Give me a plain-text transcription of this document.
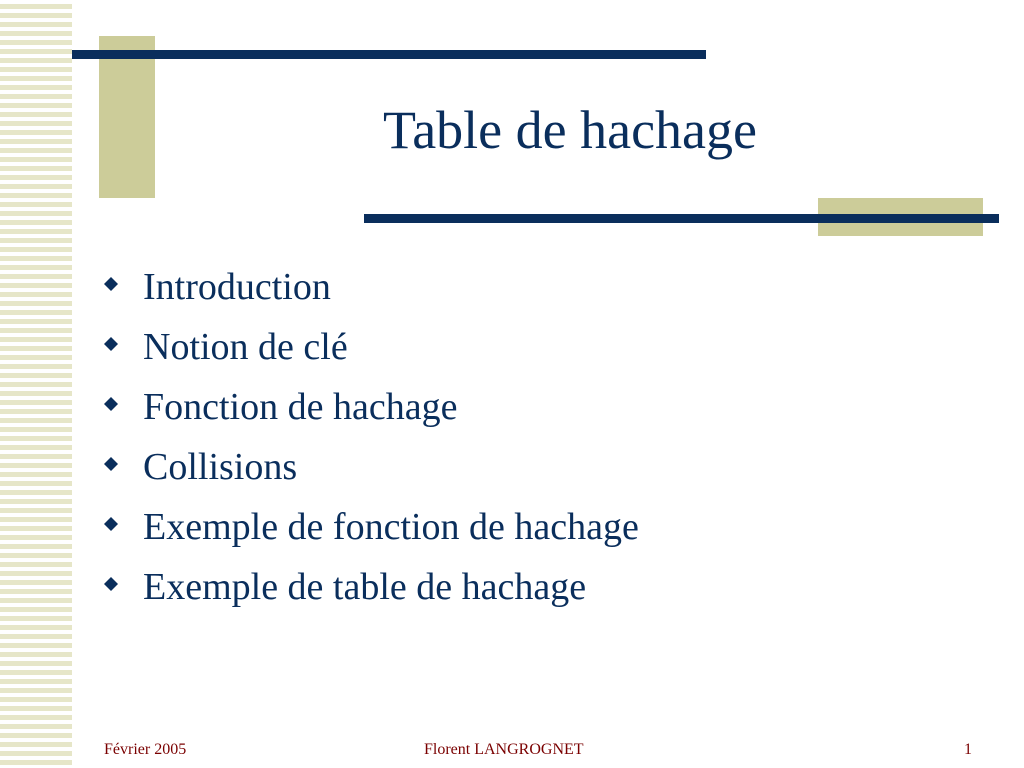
Table de hachage
Introduction
Notion de clé
Fonction de hachage
Collisions
Exemple de fonction de hachage
Exemple de table de hachage
Février 2005	Florent LANGROGNET	1
